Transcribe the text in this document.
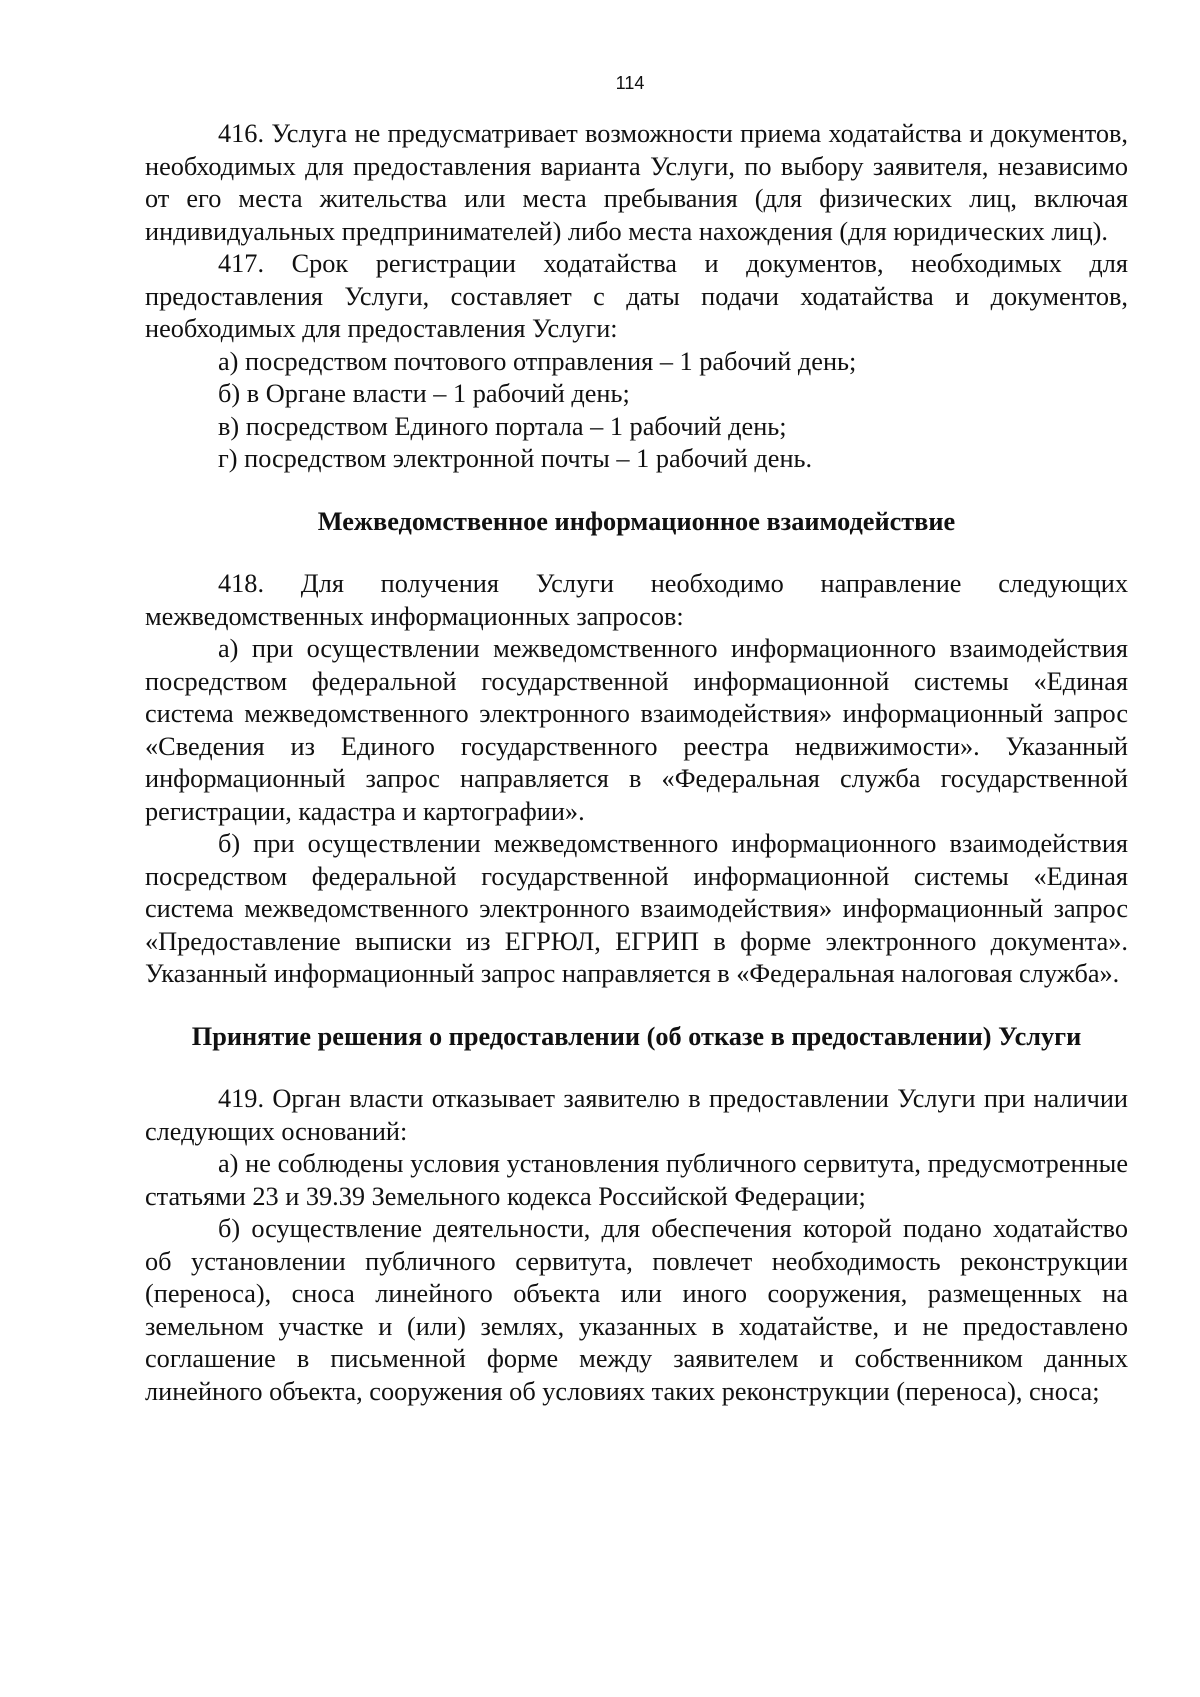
114

416. Услуга не предусматривает возможности приема ходатайства и документов, необходимых для предоставления варианта Услуги, по выбору заявителя, независимо от его места жительства или места пребывания (для физических лиц, включая индивидуальных предпринимателей) либо места нахождения (для юридических лиц).

417. Срок регистрации ходатайства и документов, необходимых для предоставления Услуги, составляет с даты подачи ходатайства и документов, необходимых для предоставления Услуги:

а) посредством почтового отправления – 1 рабочий день;

б) в Органе власти – 1 рабочий день;

в) посредством Единого портала – 1 рабочий день;

г) посредством электронной почты – 1 рабочий день.

Межведомственное информационное взаимодействие

418. Для получения Услуги необходимо направление следующих межведомственных информационных запросов:

а) при осуществлении межведомственного информационного взаимодействия посредством федеральной государственной информационной системы «Единая система межведомственного электронного взаимодействия» информационный запрос «Сведения из Единого государственного реестра недвижимости». Указанный информационный запрос направляется в «Федеральная служба государственной регистрации, кадастра и картографии».

б) при осуществлении межведомственного информационного взаимодействия посредством федеральной государственной информационной системы «Единая система межведомственного электронного взаимодействия» информационный запрос «Предоставление выписки из ЕГРЮЛ, ЕГРИП в форме электронного документа». Указанный информационный запрос направляется в «Федеральная налоговая служба».

Принятие решения о предоставлении (об отказе в предоставлении) Услуги

419. Орган власти отказывает заявителю в предоставлении Услуги при наличии следующих оснований:

а) не соблюдены условия установления публичного сервитута, предусмотренные статьями 23 и 39.39 Земельного кодекса Российской Федерации;

б) осуществление деятельности, для обеспечения которой подано ходатайство об установлении публичного сервитута, повлечет необходимость реконструкции (переноса), сноса линейного объекта или иного сооружения, размещенных на земельном участке и (или) землях, указанных в ходатайстве, и не предоставлено соглашение в письменной форме между заявителем и собственником данных линейного объекта, сооружения об условиях таких реконструкции (переноса), сноса;
